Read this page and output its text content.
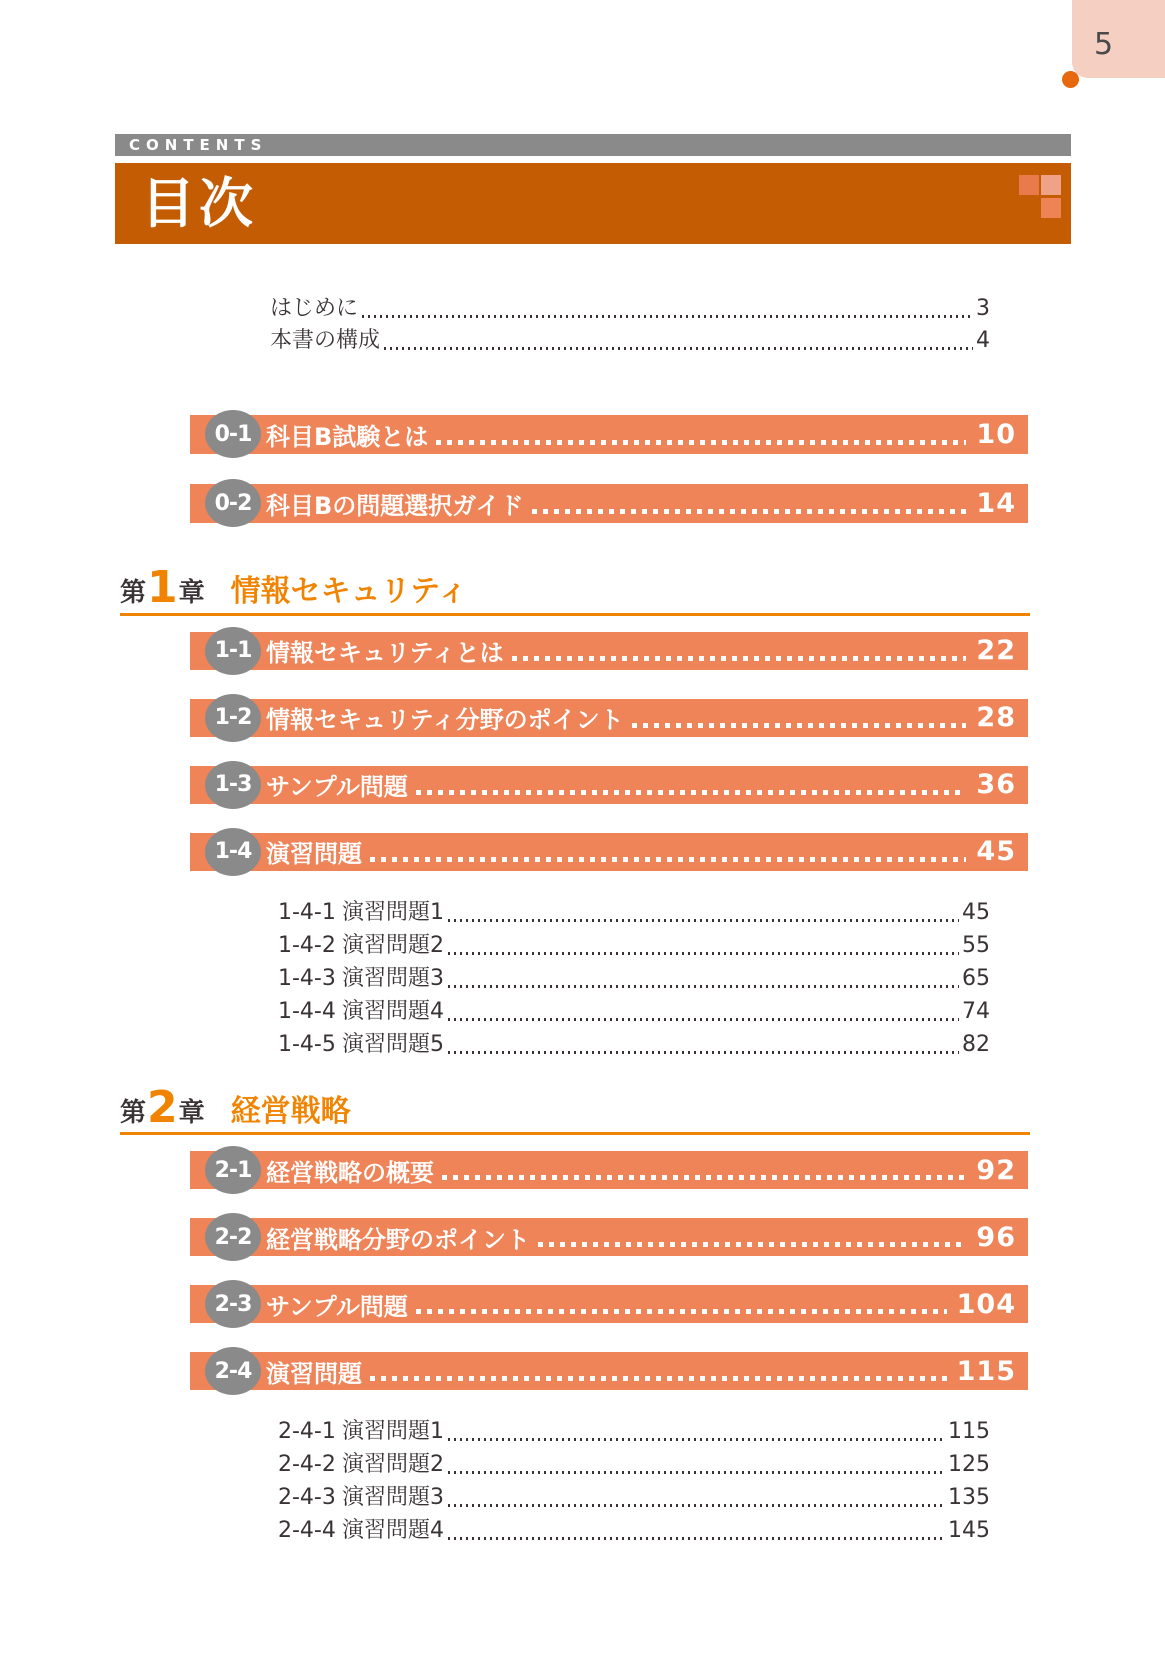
5
CONTENTS
目次
はじめに	3
本書の構成	4
0-1 科目B試験とは	10
0-2 科目Bの問題選択ガイド	14
第 1 章 情報セキュリティ
1-1 情報セキュリティとは	22
1-2 情報セキュリティ分野のポイント	28
1-3 サンプル問題	36
1-4 演習問題	45
1-4-1 演習問題1	45
1-4-2 演習問題2	55
1-4-3 演習問題3	65
1-4-4 演習問題4	74
1-4-5 演習問題5	82
第 2 章 経営戦略
2-1 経営戦略の概要	92
2-2 経営戦略分野のポイント	96
2-3 サンプル問題	104
2-4 演習問題	115
2-4-1 演習問題1	115
2-4-2 演習問題2	125
2-4-3 演習問題3	135
2-4-4 演習問題4	145
